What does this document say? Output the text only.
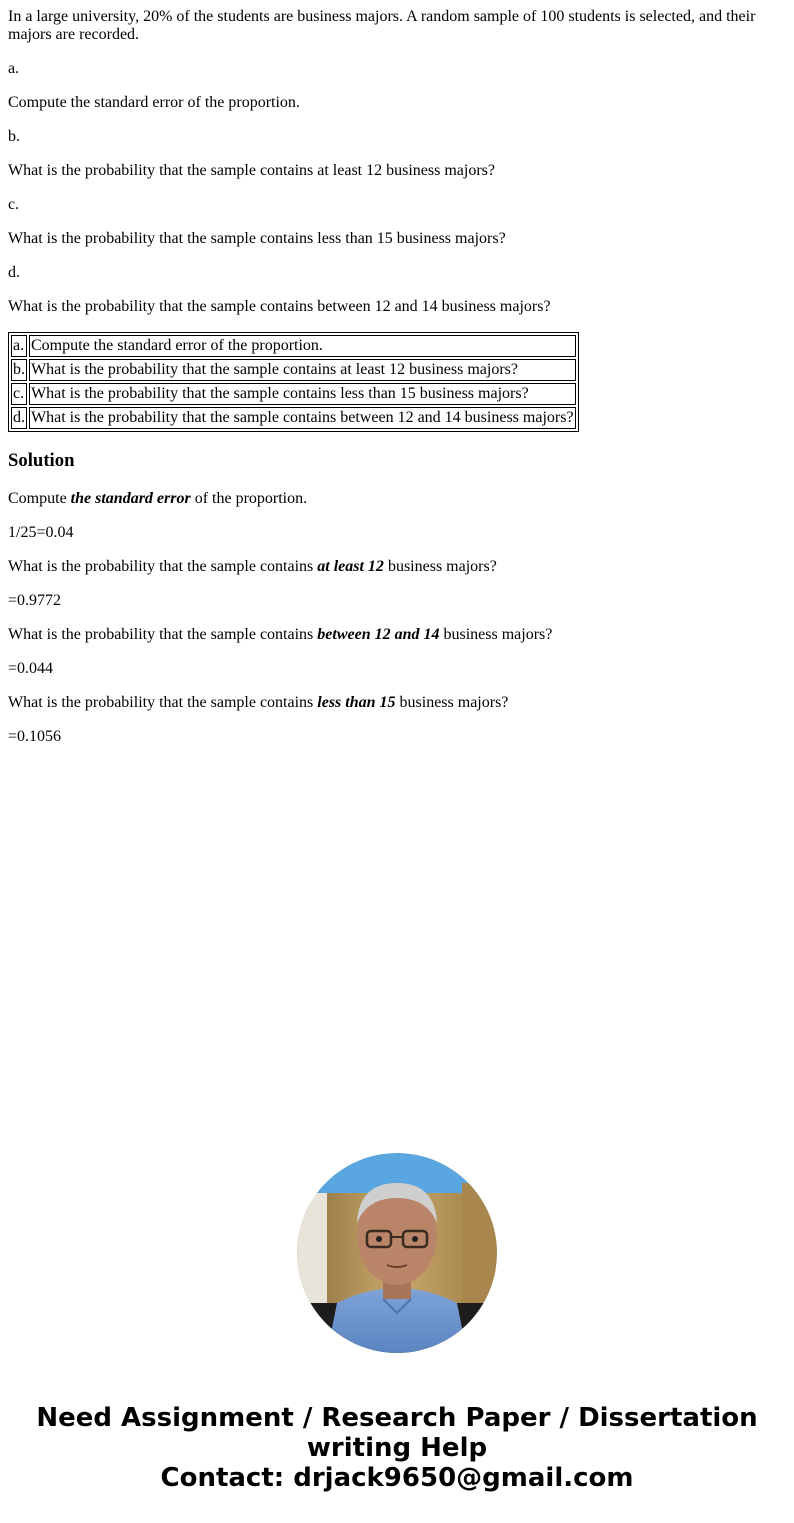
In a large university, 20% of the students are business majors. A random sample of 100 students is selected, and their majors are recorded.

a.

Compute the standard error of the proportion.

b.

What is the probability that the sample contains at least 12 business majors?

c.

What is the probability that the sample contains less than 15 business majors?

d.

What is the probability that the sample contains between 12 and 14 business majors?

a.	Compute the standard error of the proportion.
b.	What is the probability that the sample contains at least 12 business majors?
c.	What is the probability that the sample contains less than 15 business majors?
d.	What is the probability that the sample contains between 12 and 14 business majors?
Solution

Compute the standard error of the proportion.

1/25=0.04

What is the probability that the sample contains at least 12 business majors?

=0.9772

What is the probability that the sample contains between 12 and 14 business majors?

=0.044

What is the probability that the sample contains less than 15 business majors?

=0.1056

Need Assignment / Research Paper / Dissertation
writing Help
Contact: drjack9650@gmail.com
